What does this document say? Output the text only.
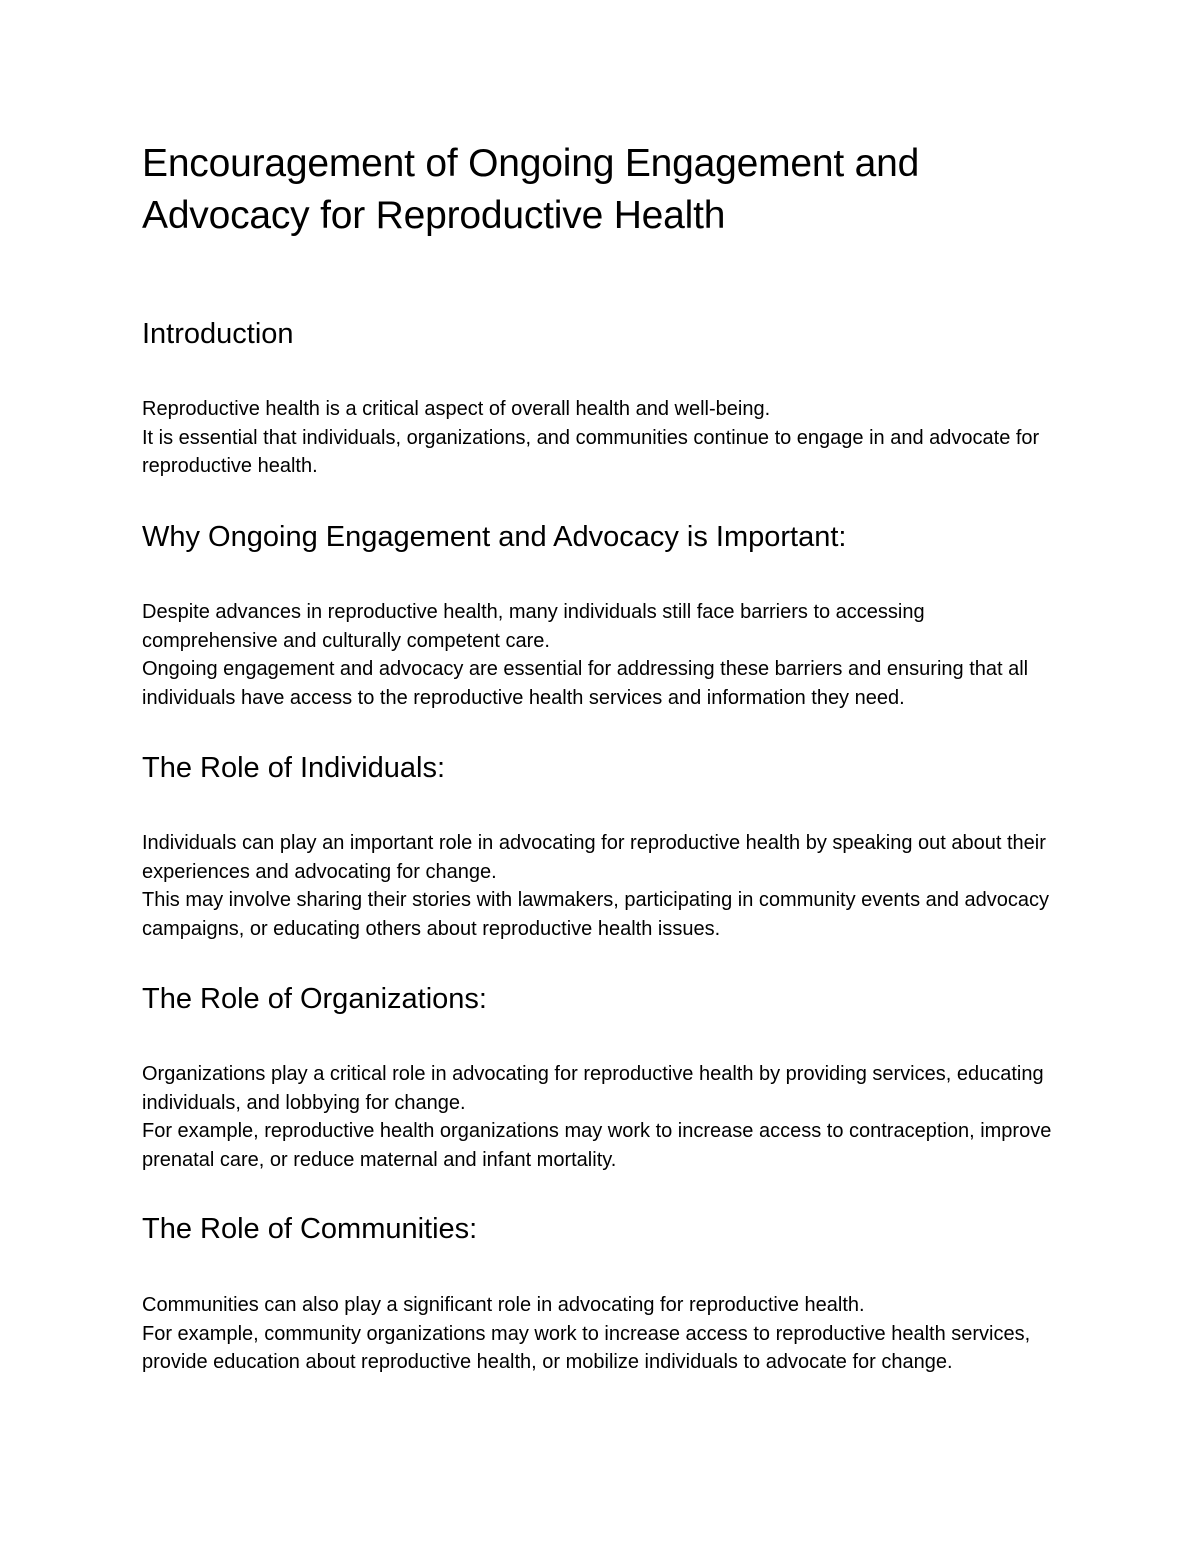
Encouragement of Ongoing Engagement and Advocacy for Reproductive Health
Introduction
Reproductive health is a critical aspect of overall health and well-being.
It is essential that individuals, organizations, and communities continue to engage in and advocate for reproductive health.
Why Ongoing Engagement and Advocacy is Important:
Despite advances in reproductive health, many individuals still face barriers to accessing comprehensive and culturally competent care.
Ongoing engagement and advocacy are essential for addressing these barriers and ensuring that all individuals have access to the reproductive health services and information they need.
The Role of Individuals:
Individuals can play an important role in advocating for reproductive health by speaking out about their experiences and advocating for change.
This may involve sharing their stories with lawmakers, participating in community events and advocacy campaigns, or educating others about reproductive health issues.
The Role of Organizations:
Organizations play a critical role in advocating for reproductive health by providing services, educating individuals, and lobbying for change.
For example, reproductive health organizations may work to increase access to contraception, improve prenatal care, or reduce maternal and infant mortality.
The Role of Communities:
Communities can also play a significant role in advocating for reproductive health.
For example, community organizations may work to increase access to reproductive health services, provide education about reproductive health, or mobilize individuals to advocate for change.
